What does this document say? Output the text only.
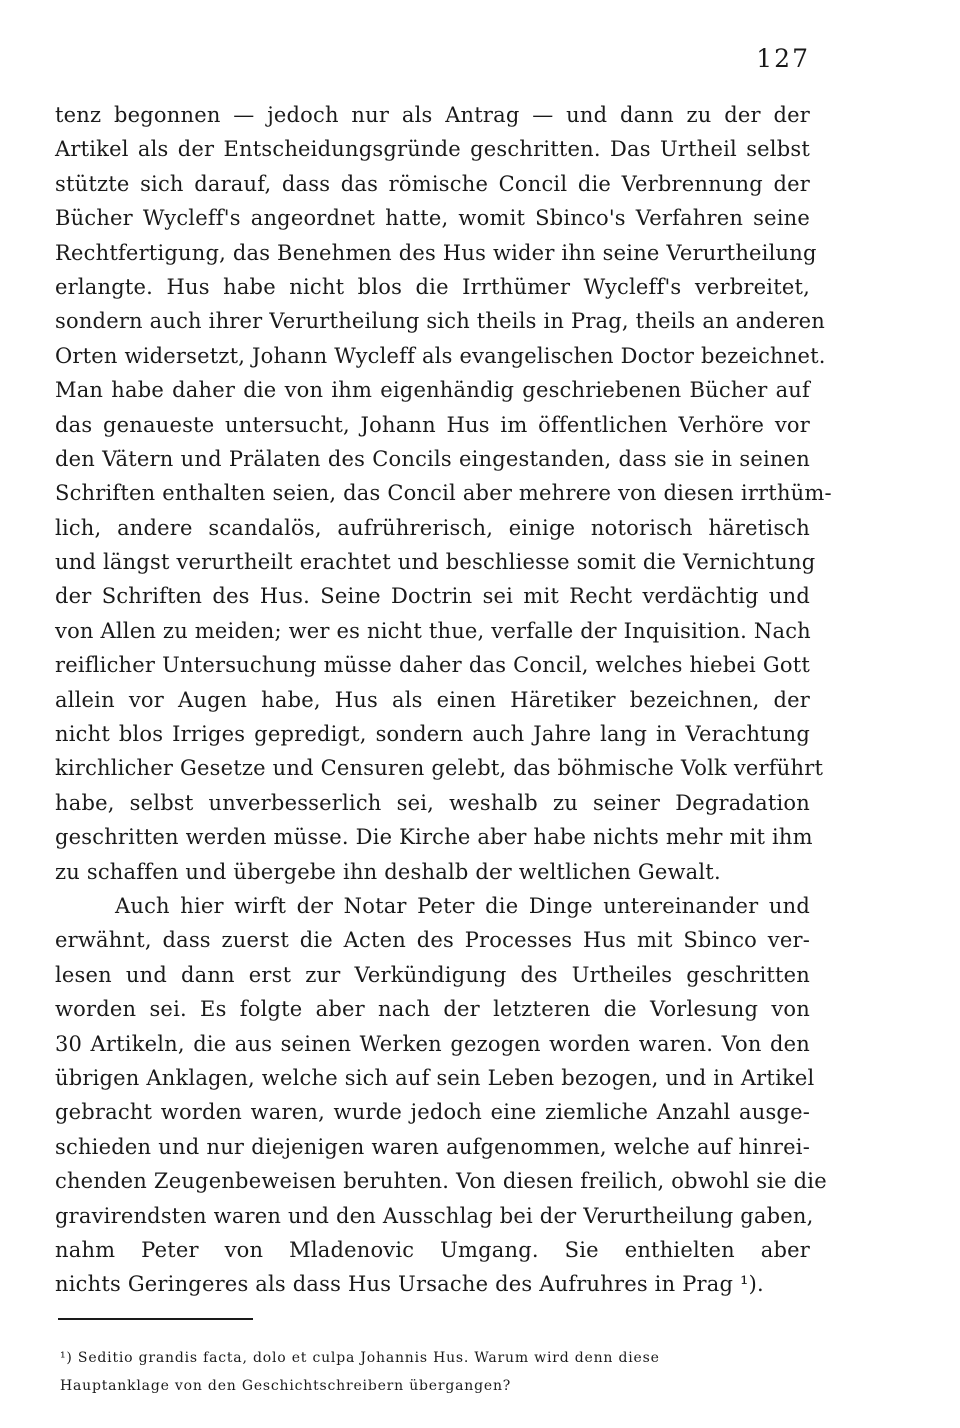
127
tenz begonnen — jedoch nur als Antrag — und dann zu der der
Artikel als der Entscheidungsgründe geschritten. Das Urtheil selbst
stützte sich darauf, dass das römische Concil die Verbrennung der
Bücher Wycleff's angeordnet hatte, womit Sbinco's Verfahren seine
Rechtfertigung, das Benehmen des Hus wider ihn seine Verurtheilung
erlangte. Hus habe nicht blos die Irrthümer Wycleff's verbreitet,
sondern auch ihrer Verurtheilung sich theils in Prag, theils an anderen
Orten widersetzt, Johann Wycleff als evangelischen Doctor bezeichnet.
Man habe daher die von ihm eigenhändig geschriebenen Bücher auf
das genaueste untersucht, Johann Hus im öffentlichen Verhöre vor
den Vätern und Prälaten des Concils eingestanden, dass sie in seinen
Schriften enthalten seien, das Concil aber mehrere von diesen irrthüm-
lich, andere scandalös, aufrührerisch, einige notorisch häretisch
und längst verurtheilt erachtet und beschliesse somit die Vernichtung
der Schriften des Hus. Seine Doctrin sei mit Recht verdächtig und
von Allen zu meiden; wer es nicht thue, verfalle der Inquisition. Nach
reiflicher Untersuchung müsse daher das Concil, welches hiebei Gott
allein vor Augen habe, Hus als einen Häretiker bezeichnen, der
nicht blos Irriges gepredigt, sondern auch Jahre lang in Verachtung
kirchlicher Gesetze und Censuren gelebt, das böhmische Volk verführt
habe, selbst unverbesserlich sei, weshalb zu seiner Degradation
geschritten werden müsse. Die Kirche aber habe nichts mehr mit ihm
zu schaffen und übergebe ihn deshalb der weltlichen Gewalt.
Auch hier wirft der Notar Peter die Dinge untereinander und
erwähnt, dass zuerst die Acten des Processes Hus mit Sbinco ver-
lesen und dann erst zur Verkündigung des Urtheiles geschritten
worden sei. Es folgte aber nach der letzteren die Vorlesung von
30 Artikeln, die aus seinen Werken gezogen worden waren. Von den
übrigen Anklagen, welche sich auf sein Leben bezogen, und in Artikel
gebracht worden waren, wurde jedoch eine ziemliche Anzahl ausge-
schieden und nur diejenigen waren aufgenommen, welche auf hinrei-
chenden Zeugenbeweisen beruhten. Von diesen freilich, obwohl sie die
gravirendsten waren und den Ausschlag bei der Verurtheilung gaben,
nahm Peter von Mladenovic Umgang. Sie enthielten aber
nichts Geringeres als dass Hus Ursache des Aufruhres in Prag ¹).
¹) Seditio grandis facta, dolo et culpa Johannis Hus. Warum wird denn diese
Hauptanklage von den Geschichtschreibern übergangen?
